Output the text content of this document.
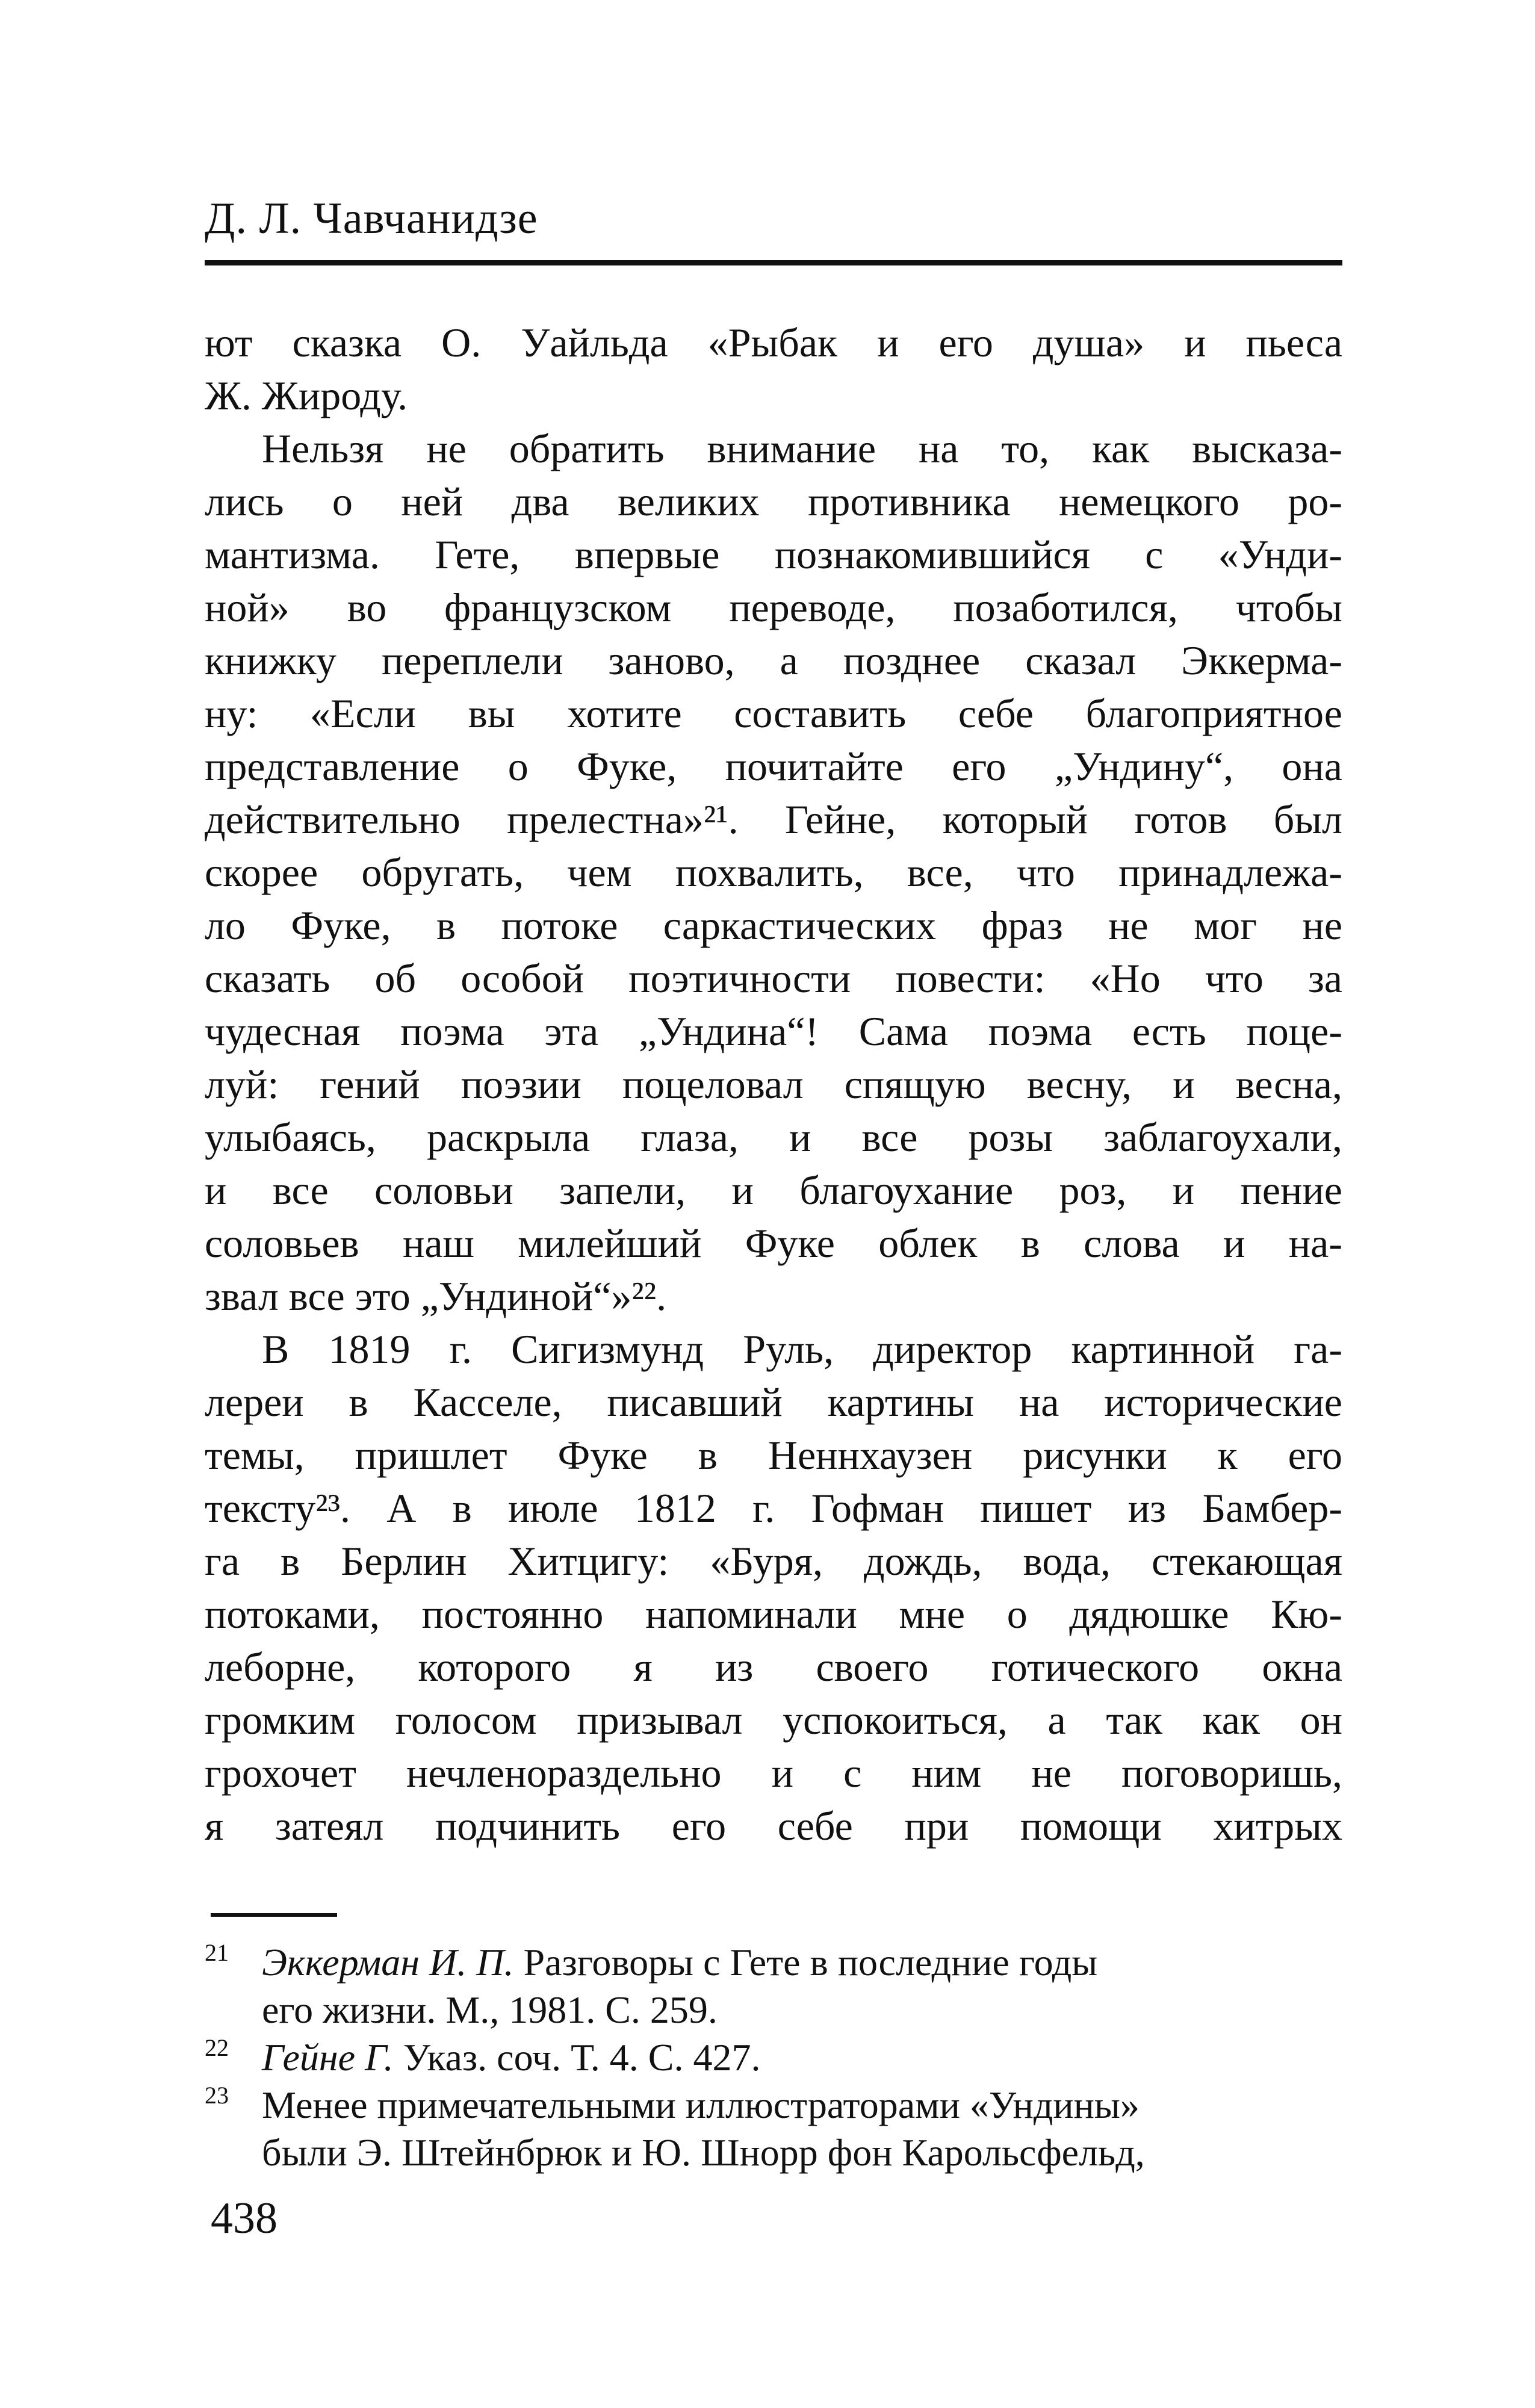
Д. Л. Чавчанидзе
ют сказка О. Уайльда «Рыбак и его душа» и пьеса
Ж. Жироду.
Нельзя не обратить внимание на то, как высказа-
лись о ней два великих противника немецкого ро-
мантизма. Гете, впервые познакомившийся с «Унди-
ной» во французском переводе, позаботился, чтобы
книжку переплели заново, а позднее сказал Эккерма-
ну: «Если вы хотите составить себе благоприятное
представление о Фуке, почитайте его „Ундину“, она
действительно прелестна»²¹. Гейне, который готов был
скорее обругать, чем похвалить, все, что принадлежа-
ло Фуке, в потоке саркастических фраз не мог не
сказать об особой поэтичности повести: «Но что за
чудесная поэма эта „Ундина“! Сама поэма есть поце-
луй: гений поэзии поцеловал спящую весну, и весна,
улыбаясь, раскрыла глаза, и все розы заблагоухали,
и все соловьи запели, и благоухание роз, и пение
соловьев наш милейший Фуке облек в слова и на-
звал все это „Ундиной“»²².
В 1819 г. Сигизмунд Руль, директор картинной га-
лереи в Касселе, писавший картины на исторические
темы, пришлет Фуке в Неннхаузен рисунки к его
тексту²³. А в июле 1812 г. Гофман пишет из Бамбер-
га в Берлин Хитцигу: «Буря, дождь, вода, стекающая
потоками, постоянно напоминали мне о дядюшке Кю-
леборне, которого я из своего готического окна
громким голосом призывал успокоиться, а так как он
грохочет нечленораздельно и с ним не поговоришь,
я затеял подчинить его себе при помощи хитрых
21 Эккерман И. П. Разговоры с Гете в последние годы
его жизни. М., 1981. С. 259.
22 Гейне Г. Указ. соч. Т. 4. С. 427.
23 Менее примечательными иллюстраторами «Ундины»
были Э. Штейнбрюк и Ю. Шнорр фон Карольсфельд,
438
